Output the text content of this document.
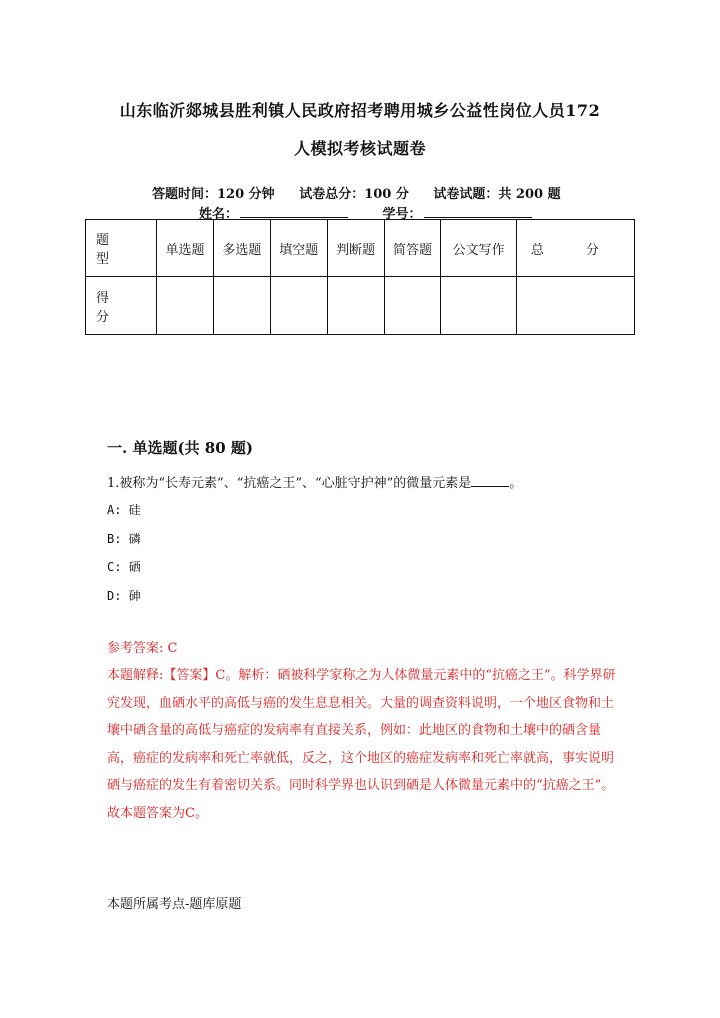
山东临沂郯城县胜利镇人民政府招考聘用城乡公益性岗位人员172
人模拟考核试题卷
答题时间：120 分钟 试卷总分：100 分 试卷试题：共 200 题
姓名：	学号：
题型	单选题	多选题	填空题	判断题	简答题	公文写作	总 分
得分							
一. 单选题(共 80 题)
1.被称为“长寿元素”、“抗癌之王”、“心脏守护神”的微量元素是	。
A: 硅
B: 磷
C: 硒
D: 砷
参考答案: C
本题解释:【答案】C。解析：硒被科学家称之为人体微量元素中的“抗癌之王”。科学界研究发现，血硒水平的高低与癌的发生息息相关。大量的调查资料说明，一个地区食物和土壤中硒含量的高低与癌症的发病率有直接关系，例如：此地区的食物和土壤中的硒含量高，癌症的发病率和死亡率就低，反之，这个地区的癌症发病率和死亡率就高，事实说明硒与癌症的发生有着密切关系。同时科学界也认识到硒是人体微量元素中的“抗癌之王”。故本题答案为C。
本题所属考点-题库原题
